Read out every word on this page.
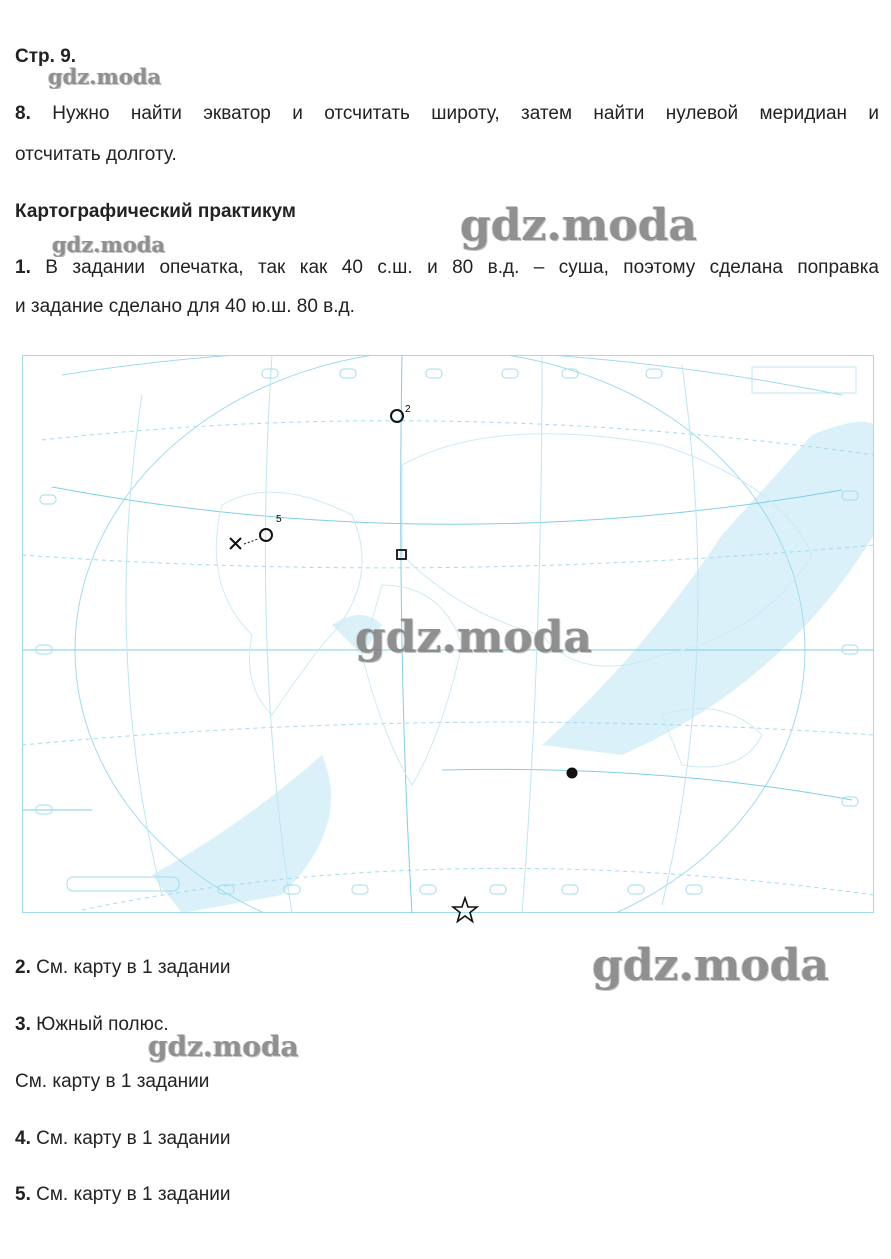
Стр. 9.
gdz.moda
8. Нужно найти экватор и отсчитать широту, затем найти нулевой меридиан и
отсчитать долготу.
Картографический практикум	gdz.moda
gdz.moda
1. В задании опечатка, так как 40 с.ш. и 80 в.д. – суша, поэтому сделана поправка
и задание сделано для 40 ю.ш. 80 в.д.
2
5
gdz.moda
2. См. карту в 1 задании	gdz.moda
3. Южный полюс.
gdz.moda
См. карту в 1 задании
4. См. карту в 1 задании
5. См. карту в 1 задании
